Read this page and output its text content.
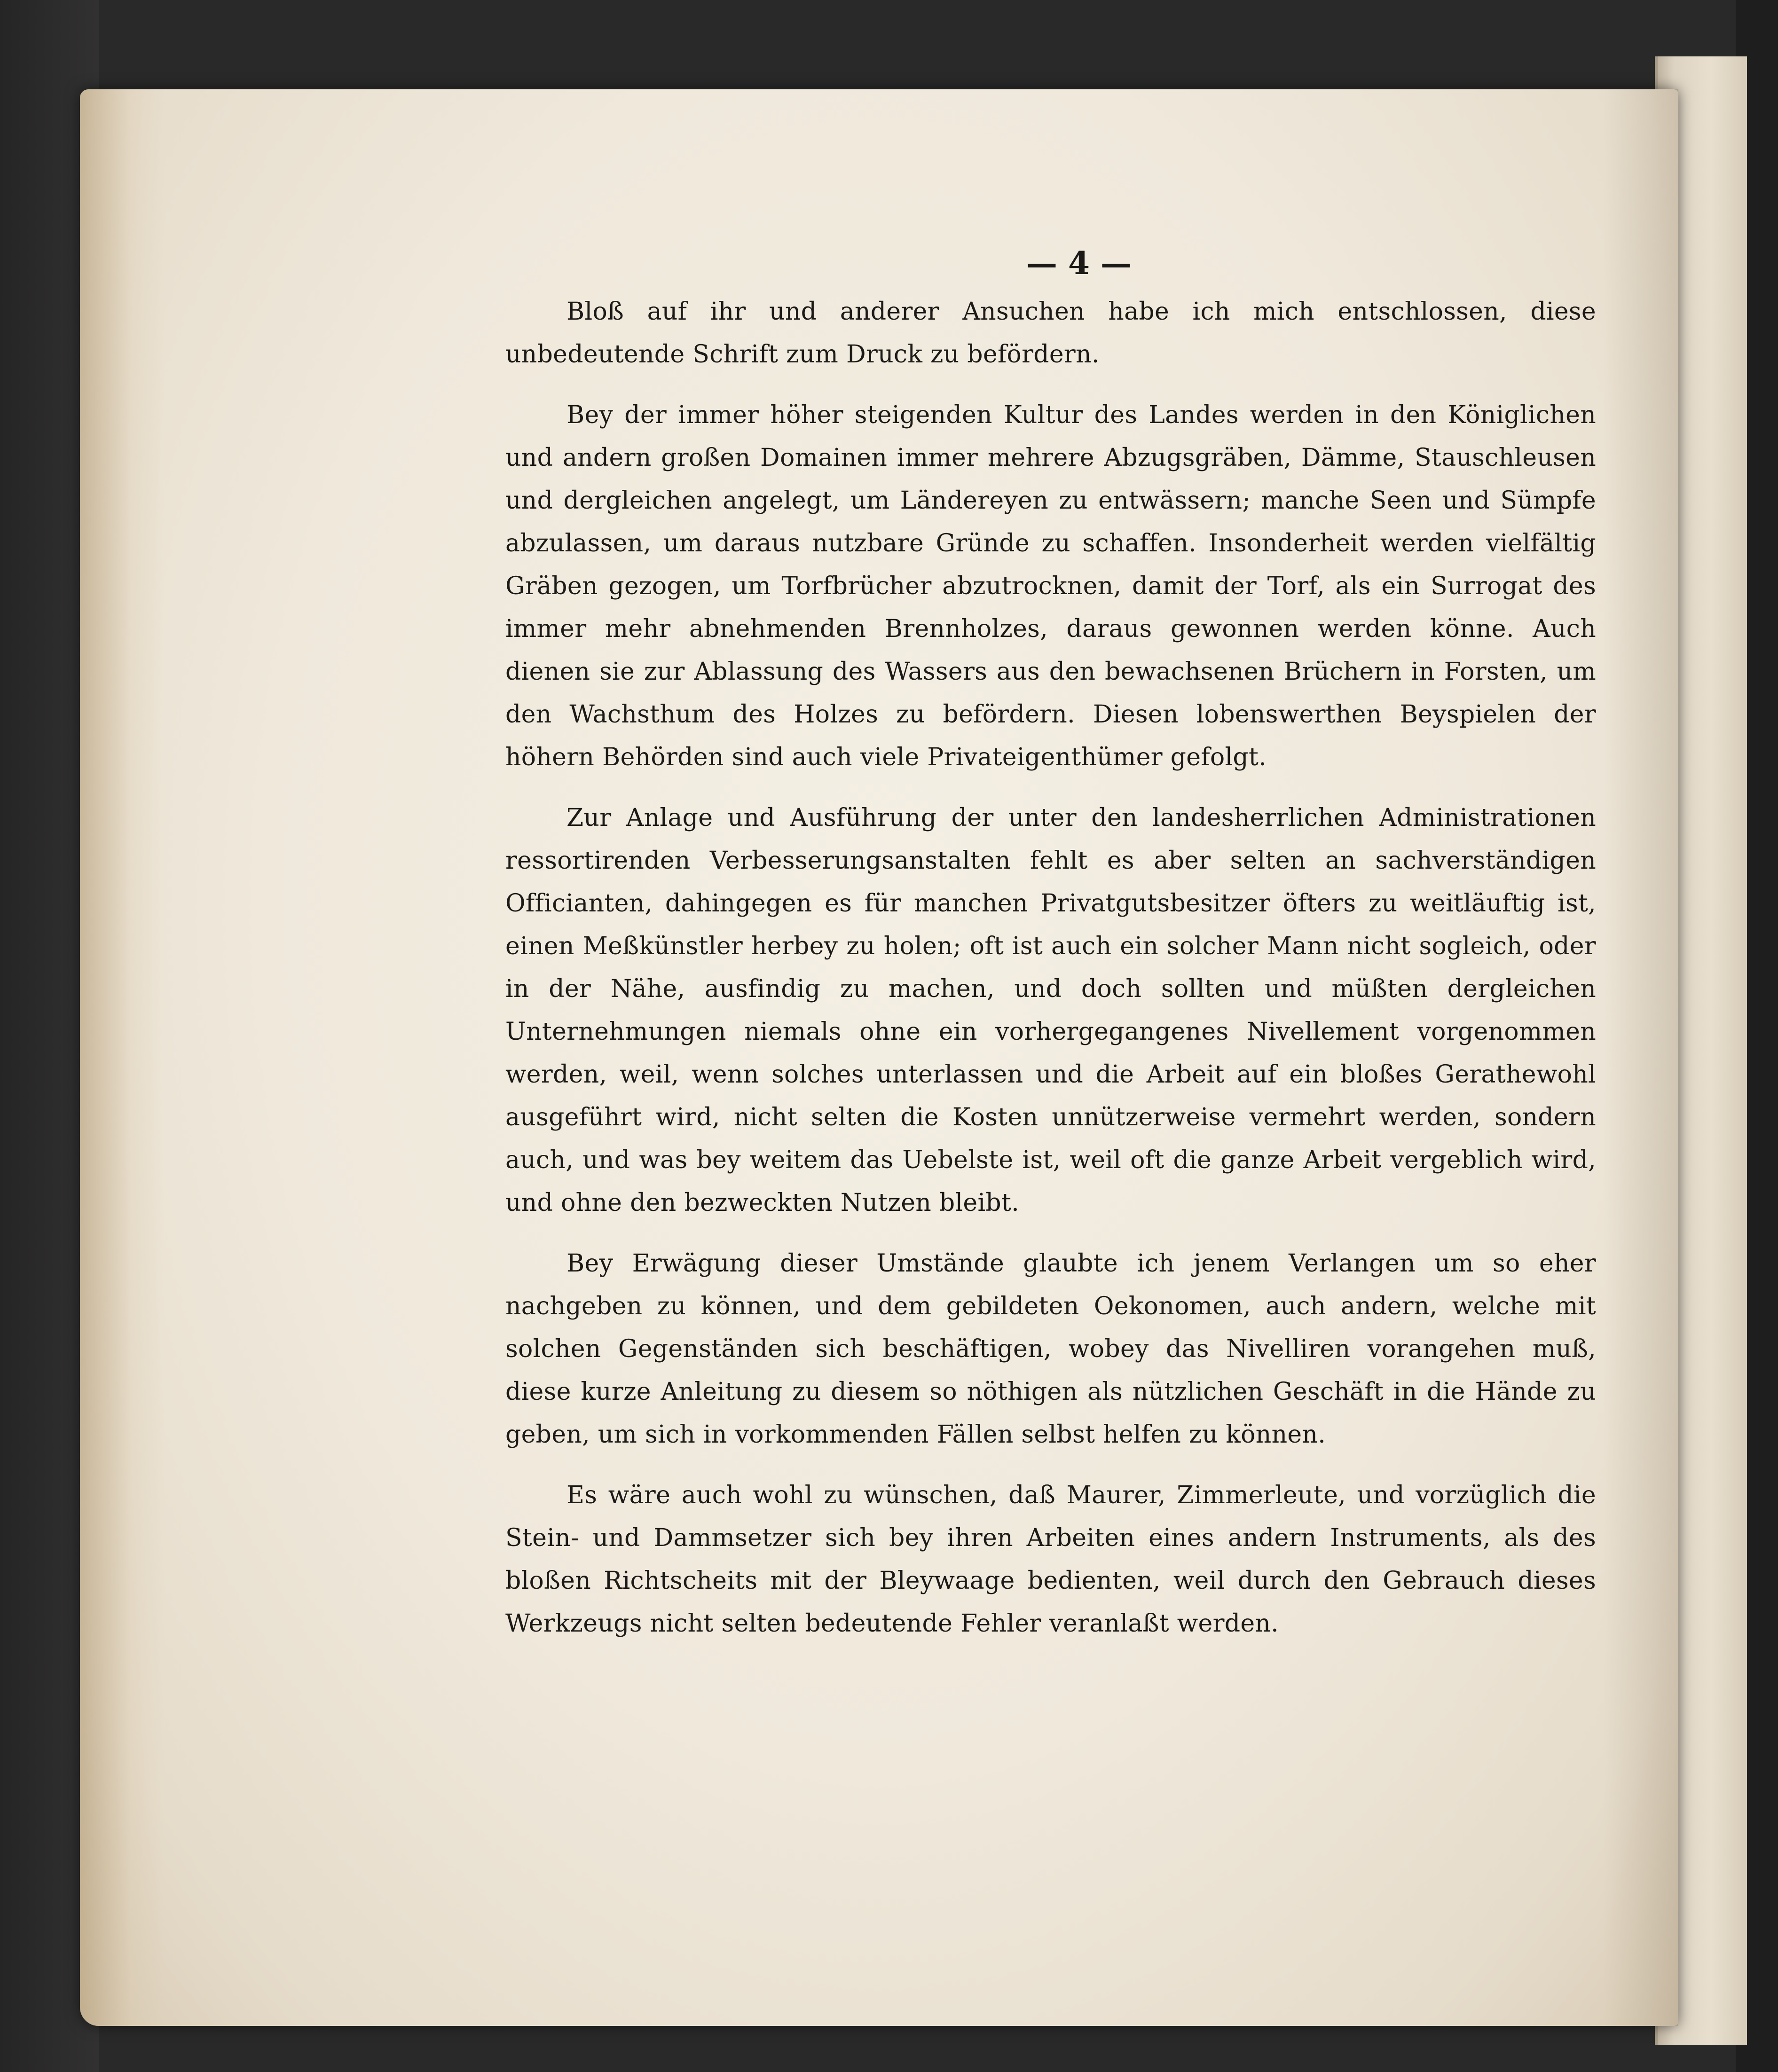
— 4 —

Bloß auf ihr und anderer Ansuchen habe ich mich entschlossen, diese unbedeutende Schrift zum Druck zu befördern.

Bey der immer höher steigenden Kultur des Landes werden in den Königlichen und andern großen Domainen immer mehrere Abzugsgräben, Dämme, Stauschleusen und dergleichen angelegt, um Ländereyen zu entwässern; manche Seen und Sümpfe abzulassen, um daraus nutzbare Gründe zu schaffen. Insonderheit werden vielfältig Gräben gezogen, um Torfbrücher abzutrocknen, damit der Torf, als ein Surrogat des immer mehr abnehmenden Brennholzes, daraus gewonnen werden könne. Auch dienen sie zur Ablassung des Wassers aus den bewachsenen Brüchern in Forsten, um den Wachsthum des Holzes zu befördern. Diesen lobenswerthen Beyspielen der höhern Behörden sind auch viele Privateigenthümer gefolgt.

Zur Anlage und Ausführung der unter den landesherrlichen Administrationen ressortirenden Verbesserungsanstalten fehlt es aber selten an sachverständigen Officianten, dahingegen es für manchen Privatgutsbesitzer öfters zu weitläuftig ist, einen Meßkünstler herbey zu holen; oft ist auch ein solcher Mann nicht sogleich, oder in der Nähe, ausfindig zu machen, und doch sollten und müßten dergleichen Unternehmungen niemals ohne ein vorhergegangenes Nivellement vorgenommen werden, weil, wenn solches unterlassen und die Arbeit auf ein bloßes Gerathewohl ausgeführt wird, nicht selten die Kosten unnützerweise vermehrt werden, sondern auch, und was bey weitem das Uebelste ist, weil oft die ganze Arbeit vergeblich wird, und ohne den bezweckten Nutzen bleibt.

Bey Erwägung dieser Umstände glaubte ich jenem Verlangen um so eher nachgeben zu können, und dem gebildeten Oekonomen, auch andern, welche mit solchen Gegenständen sich beschäftigen, wobey das Nivelliren vorangehen muß, diese kurze Anleitung zu diesem so nöthigen als nützlichen Geschäft in die Hände zu geben, um sich in vorkommenden Fällen selbst helfen zu können.

Es wäre auch wohl zu wünschen, daß Maurer, Zimmerleute, und vorzüglich die Stein- und Dammsetzer sich bey ihren Arbeiten eines andern Instruments, als des bloßen Richtscheits mit der Bleywaage bedienten, weil durch den Gebrauch dieses Werkzeugs nicht selten bedeutende Fehler veranlaßt werden.
